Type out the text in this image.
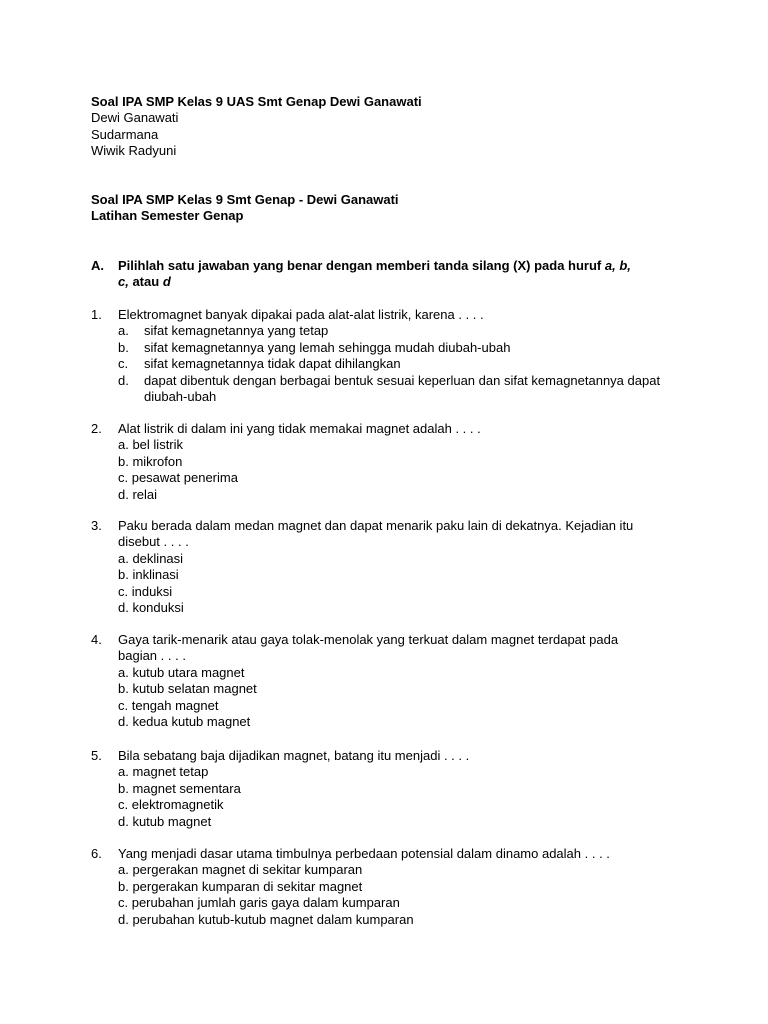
Soal IPA SMP Kelas 9 UAS Smt Genap Dewi Ganawati
Dewi Ganawati
Sudarmana
Wiwik Radyuni
Soal IPA SMP Kelas 9 Smt Genap - Dewi Ganawati
Latihan Semester Genap
A. Pilihlah satu jawaban yang benar dengan memberi tanda silang (X) pada huruf a, b,
c, atau d
1. Elektromagnet banyak dipakai pada alat-alat listrik, karena . . . .
a. sifat kemagnetannya yang tetap
b. sifat kemagnetannya yang lemah sehingga mudah diubah-ubah
c. sifat kemagnetannya tidak dapat dihilangkan
d. dapat dibentuk dengan berbagai bentuk sesuai keperluan dan sifat kemagnetannya dapat diubah-ubah
2. Alat listrik di dalam ini yang tidak memakai magnet adalah . . . .
a. bel listrik
b. mikrofon
c. pesawat penerima
d. relai
3. Paku berada dalam medan magnet dan dapat menarik paku lain di dekatnya. Kejadian itu
disebut . . . .
a. deklinasi
b. inklinasi
c. induksi
d. konduksi
4. Gaya tarik-menarik atau gaya tolak-menolak yang terkuat dalam magnet terdapat pada
bagian . . . .
a. kutub utara magnet
b. kutub selatan magnet
c. tengah magnet
d. kedua kutub magnet
5. Bila sebatang baja dijadikan magnet, batang itu menjadi . . . .
a. magnet tetap
b. magnet sementara
c. elektromagnetik
d. kutub magnet
6. Yang menjadi dasar utama timbulnya perbedaan potensial dalam dinamo adalah . . . .
a. pergerakan magnet di sekitar kumparan
b. pergerakan kumparan di sekitar magnet
c. perubahan jumlah garis gaya dalam kumparan
d. perubahan kutub-kutub magnet dalam kumparan
